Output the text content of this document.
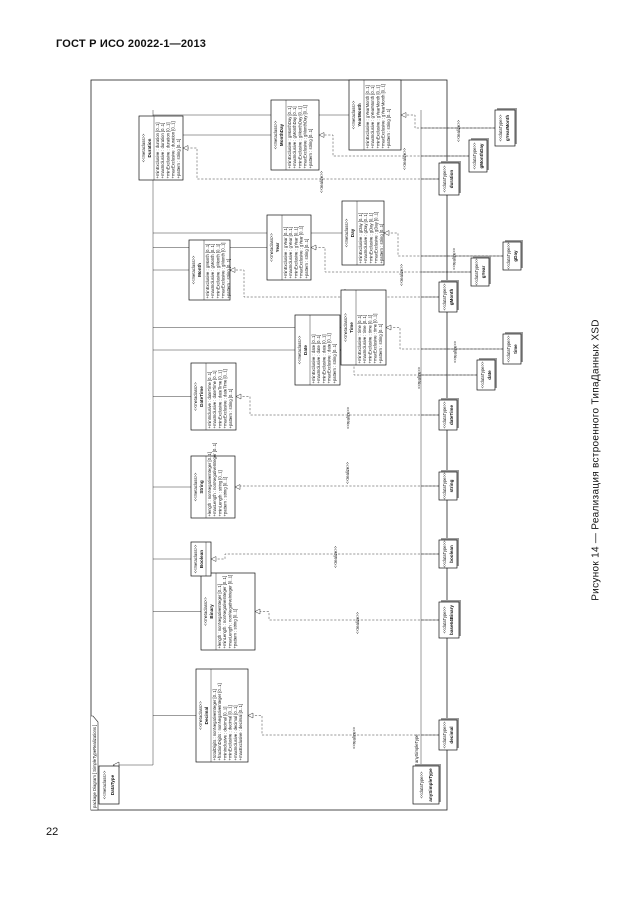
ГОСТ Р ИСО 20022-1—2013
22
Рисунок 14 — Реализация встроенного ТипаДанных XSD
package Diagram [ SimpleTypeRealizations ]	<<realize>>
<<realize>>
<<realize>>
<<realize>>
<<realize>>
<<realize>>
<<realize>>
<<realize>>
<<realize>>
<<realize>>
<<realize>>
<<realize>>
<<metaclass>> DataType	<<dataType>> anySimpleType
anySimpleType
<<metaclass>> Decimal +totalDigits : nonNegativeInteger [0..1] +fractionDigits : nonNegativeInteger [0..1] +minInclusive : decimal [0..1] +minExclusive : decimal [0..1] +maxInclusive : decimal [0..1] +maxExclusive : decimal [0..1]
<<metaclass>> Binary +length : nonNegativeInteger [0..1] +minLength : nonNegativeInteger [0..1] +maxLength : nonNegativeInteger [0..1] +pattern : string [0..1]
<<metaclass>> Boolean
<<metaclass>> String +length : nonNegativeInteger [0..1] +maxLength : nonNegativeInteger [0..1] +minLength : string [0..1] +pattern : string [0..1]
<<metaclass>> DateTime +minInclusive : dateTime [0..1] +maxInclusive : dateTime [0..1] +minExclusive : dateTime [0..1] +maxExclusive : dateTime [0..1] +pattern : string [0..1]
<<metaclass>> Month +minExclusive : gMonth [0..1] +maxInclusive : gMonth [0..1] +minExclusive : gMonth [0..1] +maxExclusive : gMonth [0..1] +pattern : string [0..1]
<<metaclass>> Duration +minExclusive : duration [0..1] +maxInclusive : duration [0..1] +minExclusive : duration [0..1] +maxExclusive : duration [0..1] +pattern : string [0..1]
<<metaclass>> Date +minExclusive : date [0..1] +maxInclusive : date [0..1] +minExclusive : date [0..1] +maxExclusive : date [0..1] +pattern : string [0..1]
<<metaclass>> Year +minExclusive : gYear [0..1] +maxInclusive : gYear [0..1] +minExclusive : gYear [0..1] +maxExclusive : gYear [0..1] +pattern : string [0..1]
<<metaclass>> MonthDay +minExclusive : gMonthDay [0..1] +maxInclusive : gMonthDay [0..1] +minExclusive : gMonthDay [0..1] +maxExclusive : gMonthDay [0..1] +pattern : string [0..1]
<<metaclass>> Time +minExclusive : time [0..1] +maxInclusive : time [0..1] +minExclusive : time [0..1] +maxExclusive : time [0..1] +pattern : string [0..1]
<<metaclass>> Day +minExclusive : gDay [0..1] +maxInclusive : gDay [0..1] +minExclusive : gDay [0..1] +maxExclusive : gDay [0..1] +pattern : string [0..1]
<<metaclass>> YearMonth +minExclusive : gYearMonth [0..1] +maxInclusive : gYearMonth [0..1] +minExclusive : gYearMonth [0..1] +maxExclusive : gYearMonth [0..1] +pattern : string [0..1]
<<dataType>> decimal
<<dataType>> base64Binary
<<dataType>> boolean
<<dataType>> string
<<dataType>> dateTime
<<dataType>> date
<<dataType>> time
<<dataType>> gMonth
<<dataType>> gYear
<<dataType>> gDay
<<dataType>> duration
<<dataType>> gMonthDay
<<dataType>> gYearMonth
